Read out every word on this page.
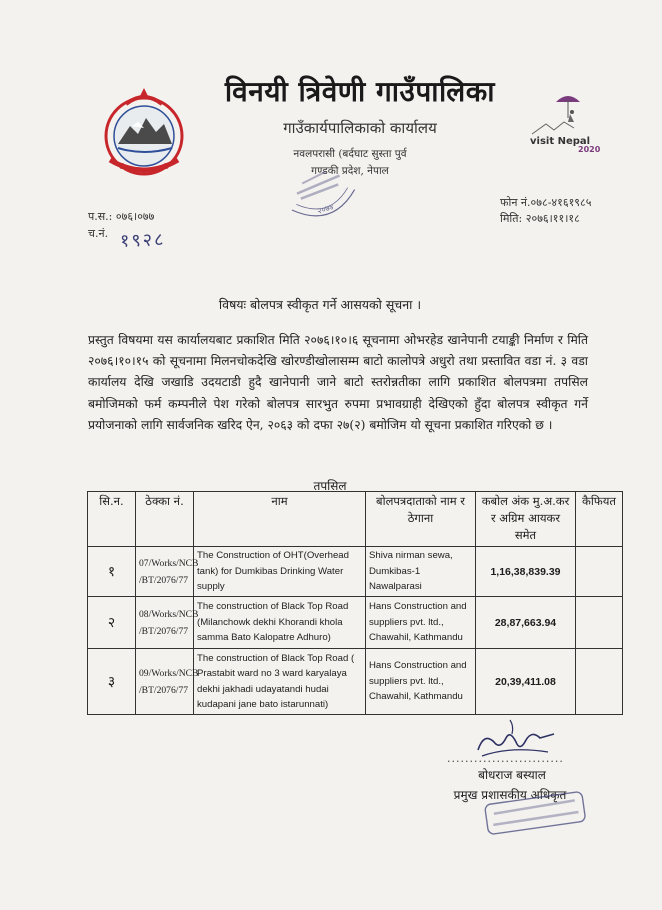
visit Nepal
2020
विनयी त्रिवेणी गाउँपालिका
गाउँकार्यपालिकाको कार्यालय
नवलपरासी (बर्दघाट सुस्ता पुर्व
गण्डकी प्रदेश, नेपाल
२०७४	फोन नं.०७८-४१६१९८५
मिति: २०७६।११।१८
प.स.: ०७६।०७७
च.नं. १९२८
विषयः बोलपत्र स्वीकृत गर्ने आसयको सूचना ।
प्रस्तुत विषयमा यस कार्यालयबाट प्रकाशित मिति २०७६।१०।६ सूचनामा ओभरहेड खानेपानी टयाङ्की निर्माण र मिति २०७६।१०।१५ को सूचनामा मिलनचोकदेखि खोरण्डीखोलासम्म बाटो कालोपत्रे अधुरो तथा प्रस्तावित वडा नं. ३ वडा कार्यालय देखि जखाडि उदयटाडी हुदै खानेपानी जाने बाटो स्तरोन्नतीका लागि प्रकाशित बोलपत्रमा तपसिल बमोजिमको फर्म कम्पनीले पेश गरेको बोलपत्र सारभुत रुपमा प्रभावग्राही देखिएको हुँदा बोलपत्र स्वीकृत गर्ने प्रयोजनाको लागि सार्वजनिक खरिद ऐन, २०६३ को दफा २७(२) बमोजिम यो सूचना प्रकाशित गरिएको छ ।
तपसिल
सि.न.	ठेक्का नं.	नाम	बोलपत्रदाताको नाम र ठेगाना	कबोल अंक मु.अ.कर र अग्रिम आयकर समेत	कैफियत
१	07/Works/NCB /BT/2076/77	The Construction of OHT(Overhead tank) for Dumkibas Drinking Water supply	Shiva nirman sewa, Dumkibas-1 Nawalparasi	1,16,38,839.39	
२	08/Works/NCB /BT/2076/77	The construction of Black Top Road (Milanchowk dekhi Khorandi khola samma Bato Kalopatre Adhuro)	Hans Construction and suppliers pvt. ltd., Chawahil, Kathmandu	28,87,663.94	
३	09/Works/NCB /BT/2076/77	The construction of Black Top Road ( Prastabit ward no 3 ward karyalaya dekhi jakhadi udayatandi hudai kudapani jane bato istarunnati)	Hans Construction and suppliers pvt. ltd., Chawahil, Kathmandu	20,39,411.08	
..........................
बोधराज बस्याल
प्रमुख प्रशासकीय अधिकृत
